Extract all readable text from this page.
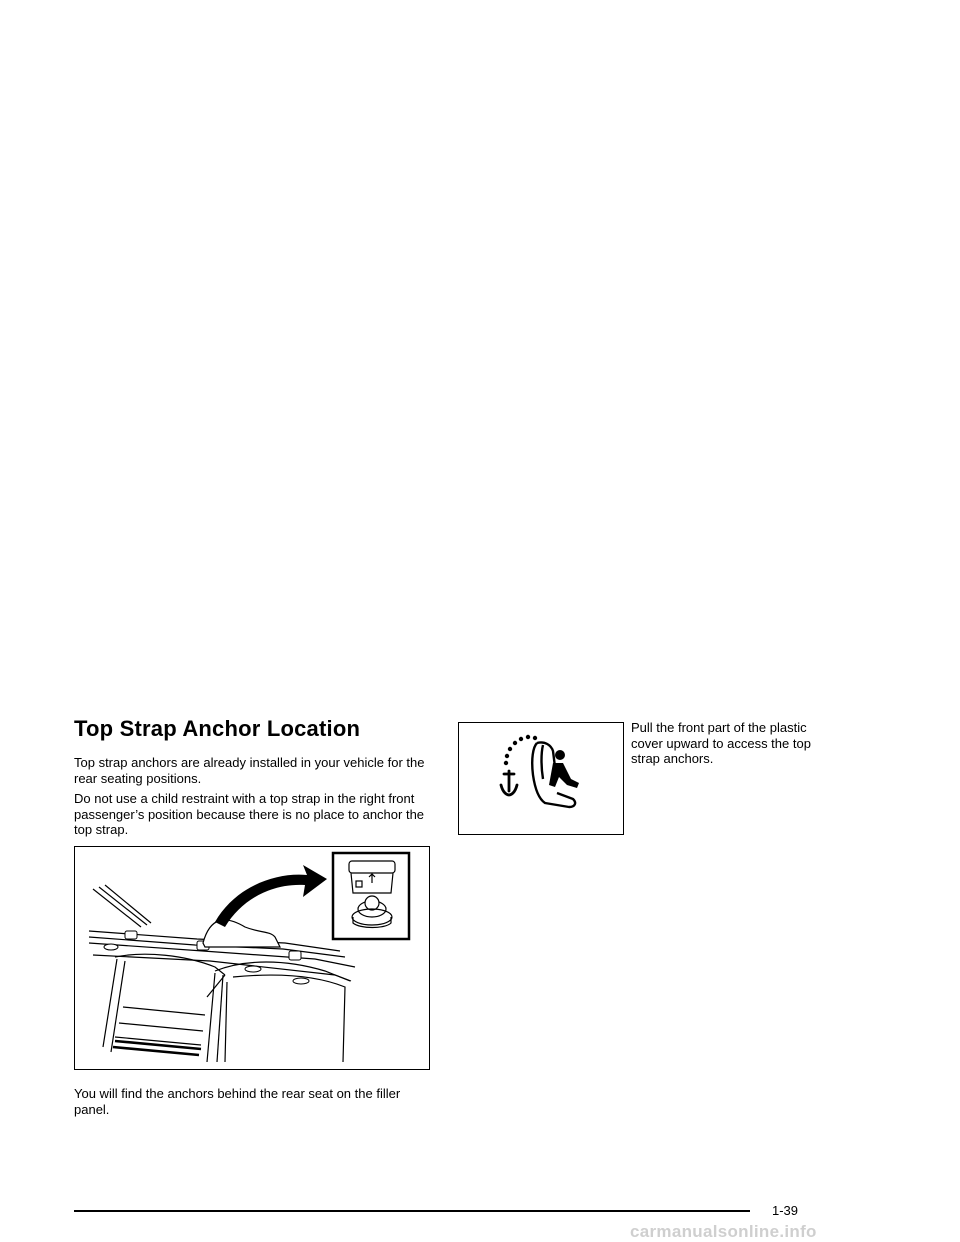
Top Strap Anchor Location

Top strap anchors are already installed in your vehicle for the rear seating positions.

Do not use a child restraint with a top strap in the right front passenger’s position because there is no place to anchor the top strap.

You will find the anchors behind the rear seat on the filler panel.

Pull the front part of the plastic cover upward to access the top strap anchors.

1-39
carmanualsonline.info
